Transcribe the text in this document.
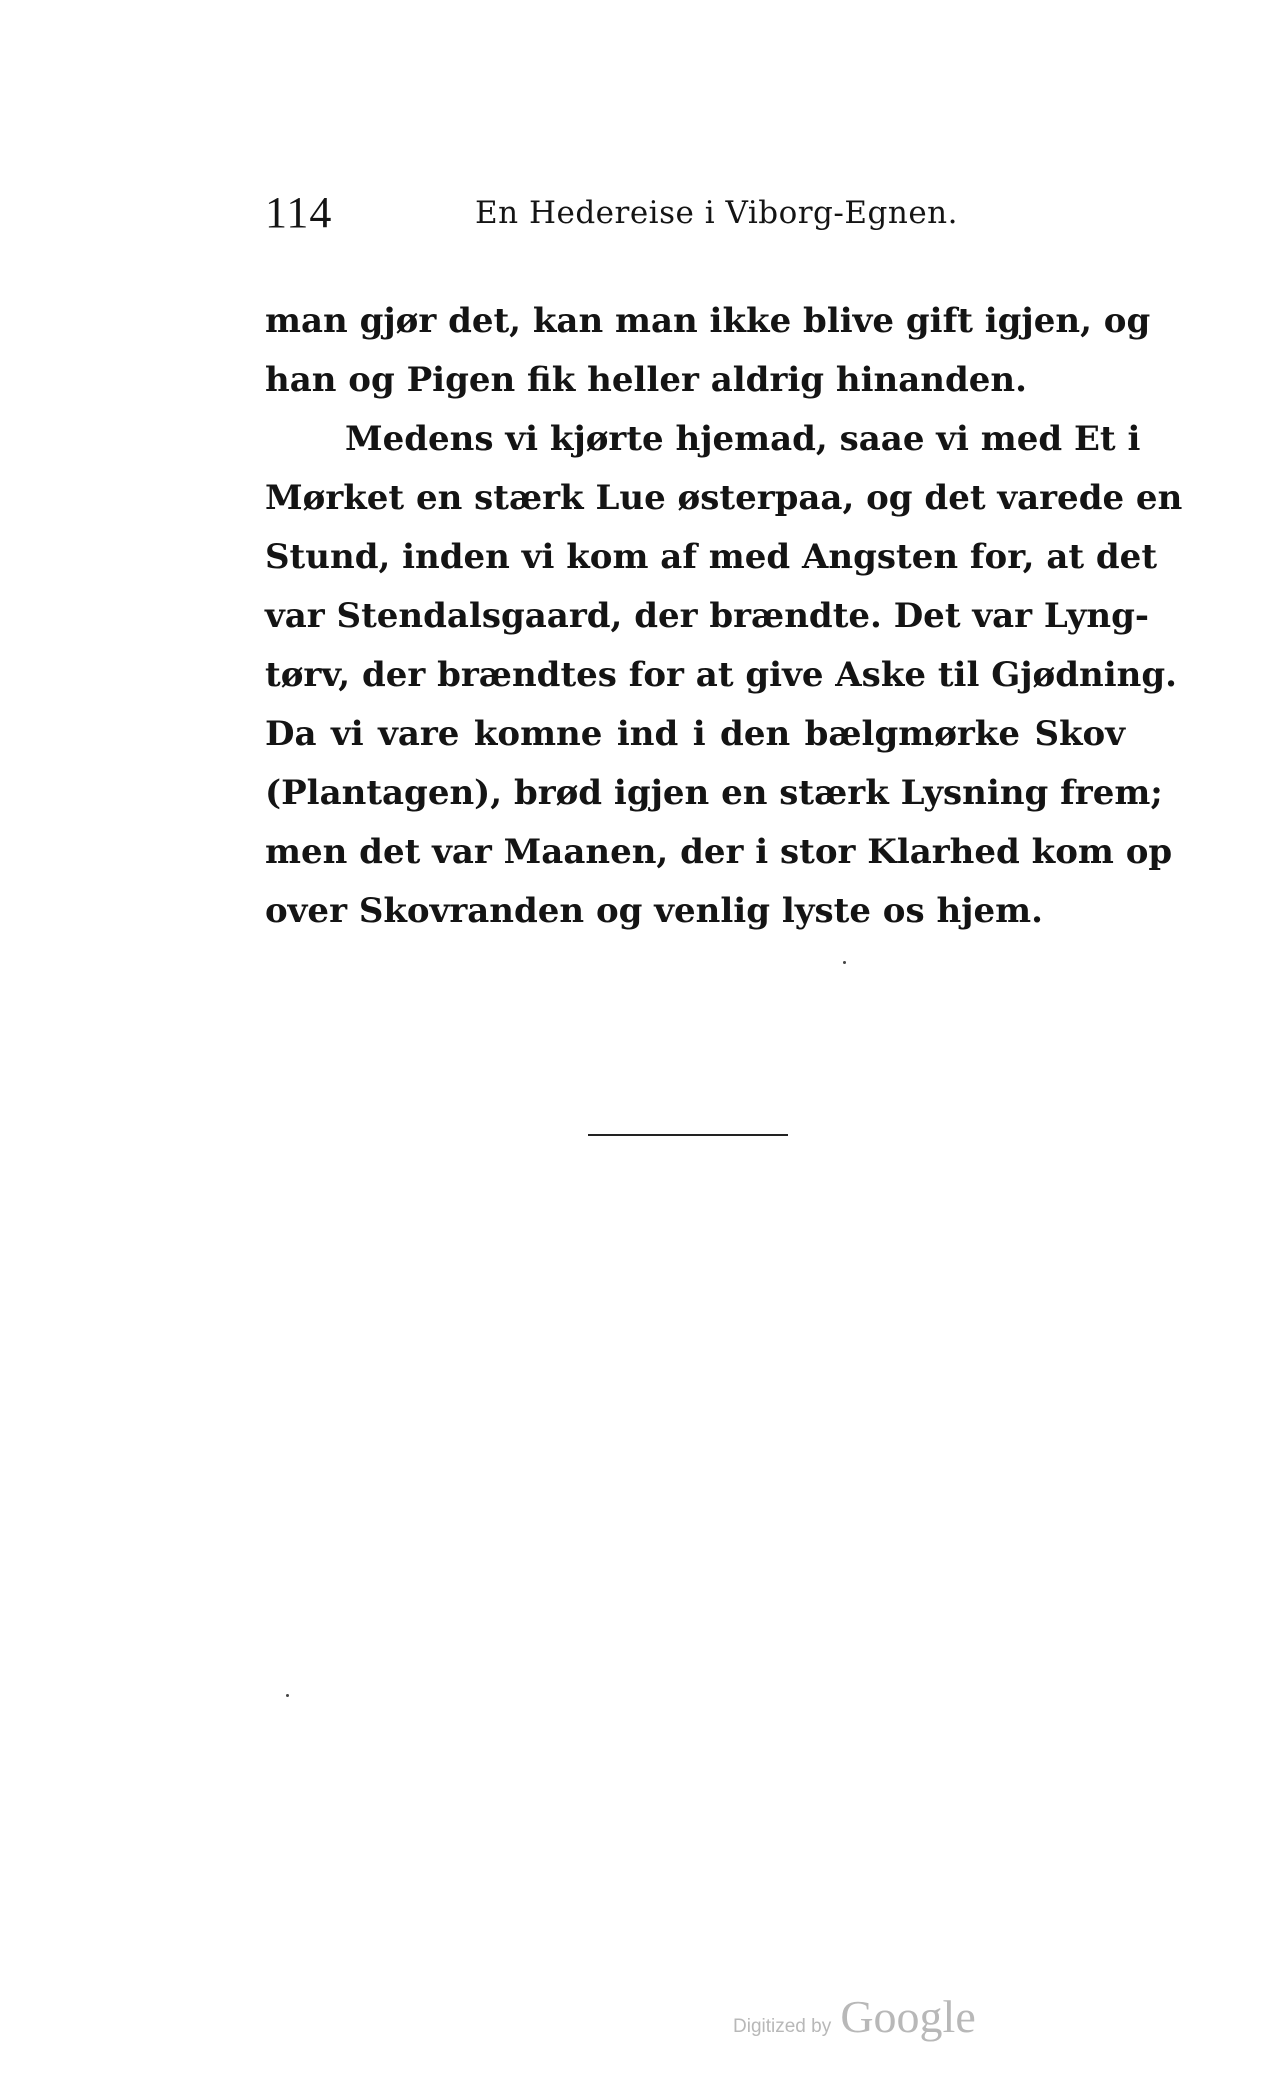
114	En Hedereise i Viborg-Egnen.
man gjør det, kan man ikke blive gift igjen, og
han og Pigen fik heller aldrig hinanden.
Medens vi kjørte hjemad, saae vi med Et i
Mørket en stærk Lue østerpaa, og det varede en
Stund, inden vi kom af med Angsten for, at det
var Stendalsgaard, der brændte. Det var Lyng-
tørv, der brændtes for at give Aske til Gjødning.
Da vi vare komne ind i den bælgmørke Skov
(Plantagen), brød igjen en stærk Lysning frem;
men det var Maanen, der i stor Klarhed kom op
over Skovranden og venlig lyste os hjem.
Digitized by Google
